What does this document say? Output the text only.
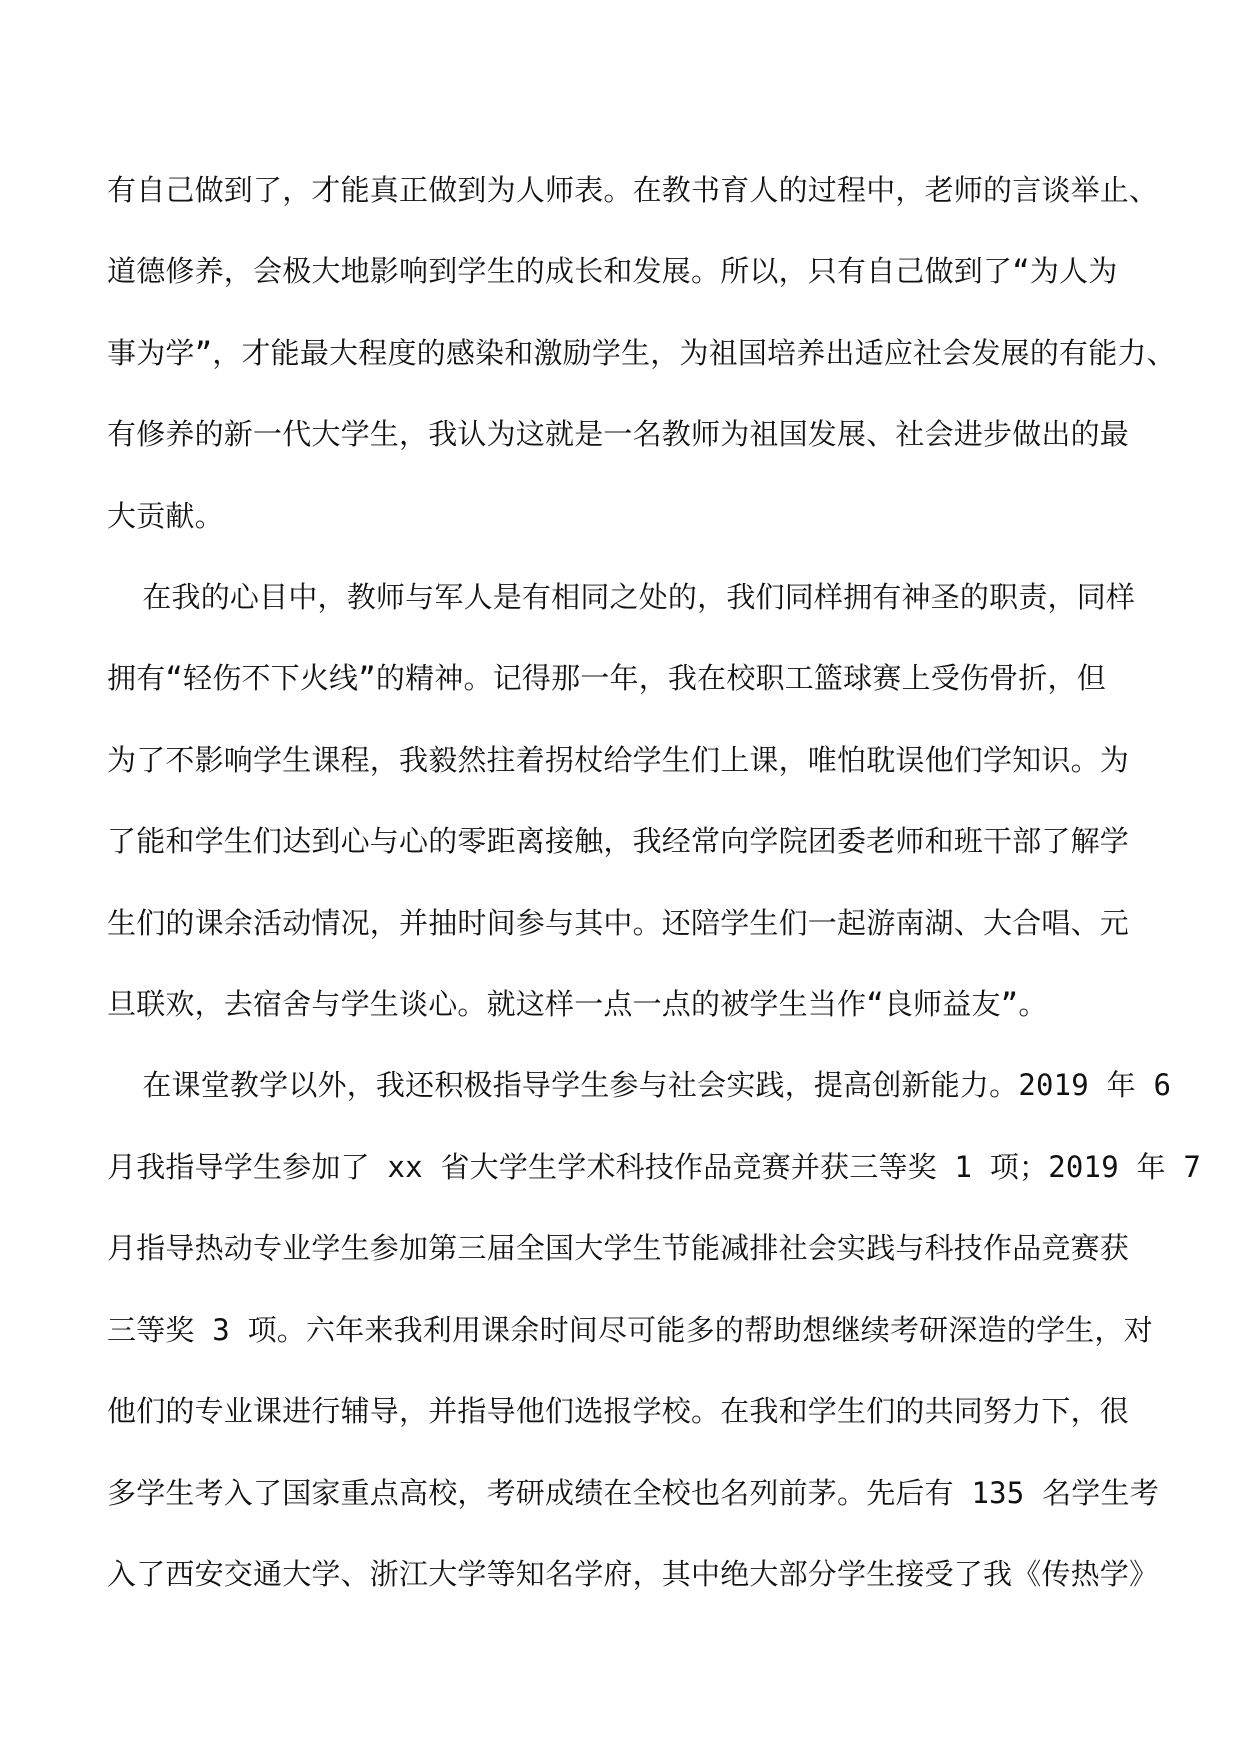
有自己做到了，才能真正做到为人师表。在教书育人的过程中，老师的言谈举止、

道德修养，会极大地影响到学生的成长和发展。所以，只有自己做到了“为人为

事为学”，才能最大程度的感染和激励学生，为祖国培养出适应社会发展的有能力、

有修养的新一代大学生，我认为这就是一名教师为祖国发展、社会进步做出的最

大贡献。

在我的心目中，教师与军人是有相同之处的，我们同样拥有神圣的职责，同样

拥有“轻伤不下火线”的精神。记得那一年，我在校职工篮球赛上受伤骨折，但

为了不影响学生课程，我毅然拄着拐杖给学生们上课，唯怕耽误他们学知识。为

了能和学生们达到心与心的零距离接触，我经常向学院团委老师和班干部了解学

生们的课余活动情况，并抽时间参与其中。还陪学生们一起游南湖、大合唱、元

旦联欢，去宿舍与学生谈心。就这样一点一点的被学生当作“良师益友”。

在课堂教学以外，我还积极指导学生参与社会实践，提高创新能力。2019 年 6

月我指导学生参加了 xx 省大学生学术科技作品竞赛并获三等奖 1 项；2019 年 7

月指导热动专业学生参加第三届全国大学生节能减排社会实践与科技作品竞赛获

三等奖 3 项。六年来我利用课余时间尽可能多的帮助想继续考研深造的学生，对

他们的专业课进行辅导，并指导他们选报学校。在我和学生们的共同努力下，很

多学生考入了国家重点高校，考研成绩在全校也名列前茅。先后有 135 名学生考

入了西安交通大学、浙江大学等知名学府，其中绝大部分学生接受了我《传热学》
